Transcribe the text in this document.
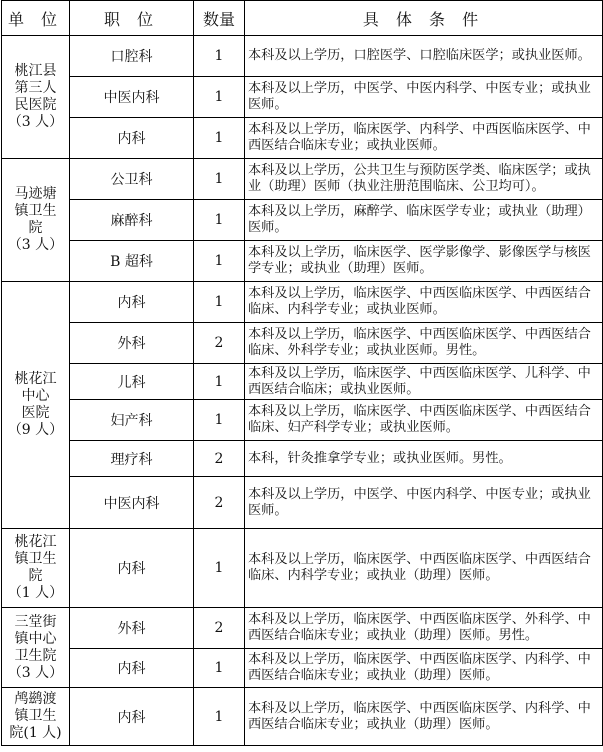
单 位	职 位	数量	具 体 条 件

桃江县
第三人
民医院
（3 人）	口腔科	1	本科及以上学历，口腔医学、口腔临床医学；或执业医师。
	中医内科	1	本科及以上学历，中医学、中医内科学、中医专业；或执业医师。
	内科	1	本科及以上学历，临床医学、内科学、中西医临床医学、中西医结合临床专业；或执业医师。

马迹塘
镇卫生
院
（3 人）	公卫科	1	本科及以上学历，公共卫生与预防医学类、临床医学；或执业（助理）医师（执业注册范围临床、公卫均可）。
	麻醉科	1	本科及以上学历，麻醉学、临床医学专业；或执业（助理）医师。
	B 超科	1	本科及以上学历，临床医学、医学影像学、影像医学与核医学专业；或执业（助理）医师。

桃花江
中心
医院
（9 人）	内科	1	本科及以上学历，临床医学、中西医临床医学、中西医结合临床、内科学专业；或执业医师。
	外科	2	本科及以上学历，临床医学、中西医临床医学、中西医结合临床、外科学专业；或执业医师。男性。
	儿科	1	本科及以上学历，临床医学、中西医临床医学、儿科学、中西医结合临床；或执业医师。
	妇产科	1	本科及以上学历，临床医学、中西医临床医学、中西医结合临床、妇产科学专业；或执业医师。
	理疗科	2	本科，针灸推拿学专业；或执业医师。男性。
	中医内科	2	本科及以上学历，中医学、中医内科学、中医专业；或执业医师。

桃花江
镇卫生
院
（1 人）	内科	1	本科及以上学历，临床医学、中西医临床医学、中西医结合临床、内科学专业；或执业（助理）医师。

三堂街
镇中心
卫生院
（3 人）	外科	2	本科及以上学历，临床医学、中西医临床医学、外科学、中西医结合临床专业；或执业（助理）医师。男性。
	内科	1	本科及以上学历，临床医学、中西医临床医学、内科学、中西医结合临床专业；或执业（助理）医师。

鸬鹚渡
镇卫生
院(1 人)	内科	1	本科及以上学历，临床医学、中西医临床医学、内科学、中西医结合临床专业；或执业（助理）医师。
